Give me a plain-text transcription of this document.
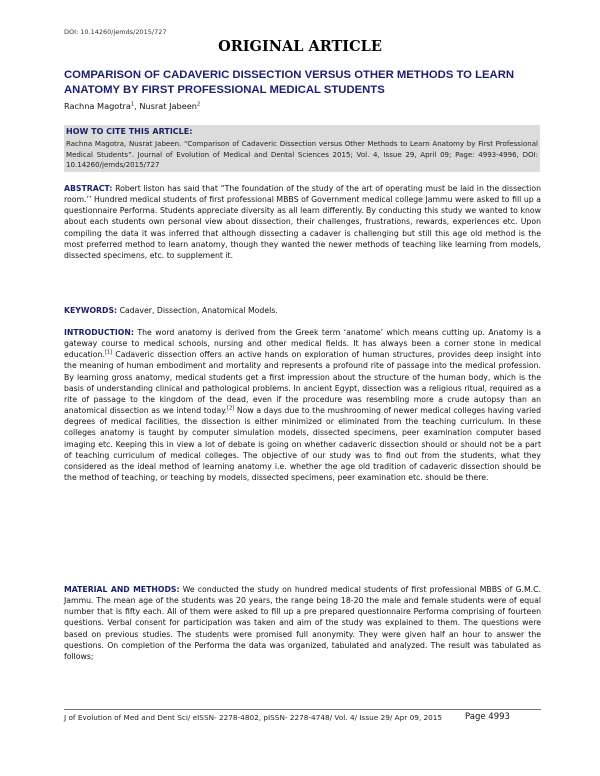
DOI: 10.14260/jemds/2015/727
ORIGINAL ARTICLE
COMPARISON OF CADAVERIC DISSECTION VERSUS OTHER METHODS TO LEARN ANATOMY BY FIRST PROFESSIONAL MEDICAL STUDENTS
Rachna Magotra$^1$, Nusrat Jabeen$^2$
HOW TO CITE THIS ARTICLE:

Rachna Magotra, Nusrat Jabeen. “Comparison of Cadaveric Dissection versus Other Methods to Learn Anatomy by First Professional Medical Students”. Journal of Evolution of Medical and Dental Sciences 2015; Vol. 4, Issue 29, April 09; Page: 4993-4996, DOI: 10.14260/jemds/2015/727

ABSTRACT: Robert liston has said that “The foundation of the study of the art of operating must be laid in the dissection room.’’ Hundred medical students of first professional MBBS of Government medical college Jammu were asked to fill up a questionnaire Performa. Students appreciate diversity as all learn differently. By conducting this study we wanted to know about each students own personal view about dissection, their challenges, frustrations, rewards, experiences etc. Upon compiling the data it was inferred that although dissecting a cadaver is challenging but still this age old method is the most preferred method to learn anatomy, though they wanted the newer methods of teaching like learning from models, dissected specimens, etc. to supplement it.

KEYWORDS: Cadaver, Dissection, Anatomical Models.

INTRODUCTION: The word anatomy is derived from the Greek term ‘anatome’ which means cutting up. Anatomy is a gateway course to medical schools, nursing and other medical fields. It has always been a corner stone in medical education.[1] Cadaveric dissection offers an active hands on exploration of human structures, provides deep insight into the meaning of human embodiment and mortality and represents a profound rite of passage into the medical profession. By learning gross anatomy, medical students get a first impression about the structure of the human body, which is the basis of understanding clinical and pathological problems. In ancient Egypt, dissection was a religious ritual, required as a rite of passage to the kingdom of the dead, even if the procedure was resembling more a crude autopsy than an anatomical dissection as we intend today.[2] Now a days due to the mushrooming of newer medical colleges having varied degrees of medical facilities, the dissection is either minimized or eliminated from the teaching curriculum. In these colleges anatomy is taught by computer simulation models, dissected specimens, peer examination computer based imaging etc. Keeping this in view a lot of debate is going on whether cadaveric dissection should or should not be a part of teaching curriculum of medical colleges. The objective of our study was to find out from the students, what they considered as the ideal method of learning anatomy i.e. whether the age old tradition of cadaveric dissection should be the method of teaching, or teaching by models, dissected specimens, peer examination etc. should be there.

MATERIAL AND METHODS: We conducted the study on hundred medical students of first professional MBBS of G.M.C. Jammu. The mean age of the students was 20 years, the range being 18-20 the male and female students were of equal number that is fifty each. All of them were asked to fill up a pre prepared questionnaire Performa comprising of fourteen questions. Verbal consent for participation was taken and aim of the study was explained to them. The questions were based on previous studies. The students were promised full anonymity. They were given half an hour to answer the questions. On completion of the Performa the data was organized, tabulated and analyzed. The result was tabulated as follows;

J of Evolution of Med and Dent Sci/ eISSN- 2278-4802, pISSN- 2278-4748/ Vol. 4/ Issue 29/ Apr 09, 2015	Page 4993
